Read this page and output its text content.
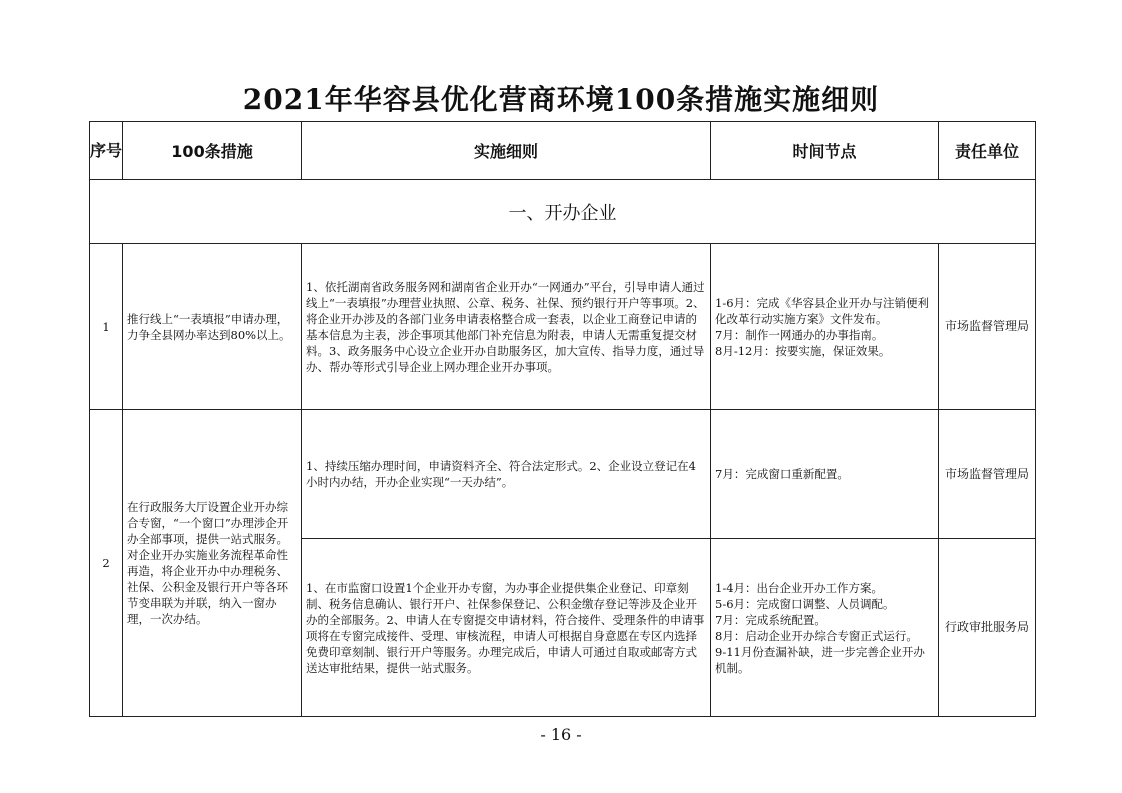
2021年华容县优化营商环境100条措施实施细则
序号	100条措施	实施细则	时间节点	责任单位
一、开办企业				
1	推行线上“一表填报”申请办理，力争全县网办率达到80%以上。	1、依托湖南省政务服务网和湖南省企业开办“一网通办”平台，引导申请人通过线上“一表填报”办理营业执照、公章、税务、社保、预约银行开户等事项。2、将企业开办涉及的各部门业务申请表格整合成一套表，以企业工商登记申请的基本信息为主表，涉企事项其他部门补充信息为附表，申请人无需重复提交材料。3、政务服务中心设立企业开办自助服务区，加大宣传、指导力度，通过导办、帮办等形式引导企业上网办理企业开办事项。	1-6月：完成《华容县企业开办与注销便利化改革行动实施方案》文件发布。
7月：制作一网通办的办事指南。
8月-12月：按要实施，保证效果。	市场监督管理局
2	在行政服务大厅设置企业开办综合专窗，“一个窗口”办理涉企开办全部事项，提供一站式服务。对企业开办实施业务流程革命性再造，将企业开办中办理税务、社保、公积金及银行开户等各环节变串联为并联，纳入一窗办理，一次办结。	1、持续压缩办理时间，申请资料齐全、符合法定形式。2、企业设立登记在4小时内办结，开办企业实现“一天办结”。	7月：完成窗口重新配置。	市场监督管理局
		1、在市监窗口设置1个企业开办专窗，为办事企业提供集企业登记、印章刻制、税务信息确认、银行开户、社保参保登记、公积金缴存登记等涉及企业开办的全部服务。2、申请人在专窗提交申请材料，符合接件、受理条件的申请事项将在专窗完成接件、受理、审核流程，申请人可根据自身意愿在专区内选择免费印章刻制、银行开户等服务。办理完成后，申请人可通过自取或邮寄方式送达审批结果，提供一站式服务。	1-4月：出台企业开办工作方案。
5-6月：完成窗口调整、人员调配。
7月：完成系统配置。
8月：启动企业开办综合专窗正式运行。
9-11月份查漏补缺，进一步完善企业开办机制。	行政审批服务局
- 16 -
